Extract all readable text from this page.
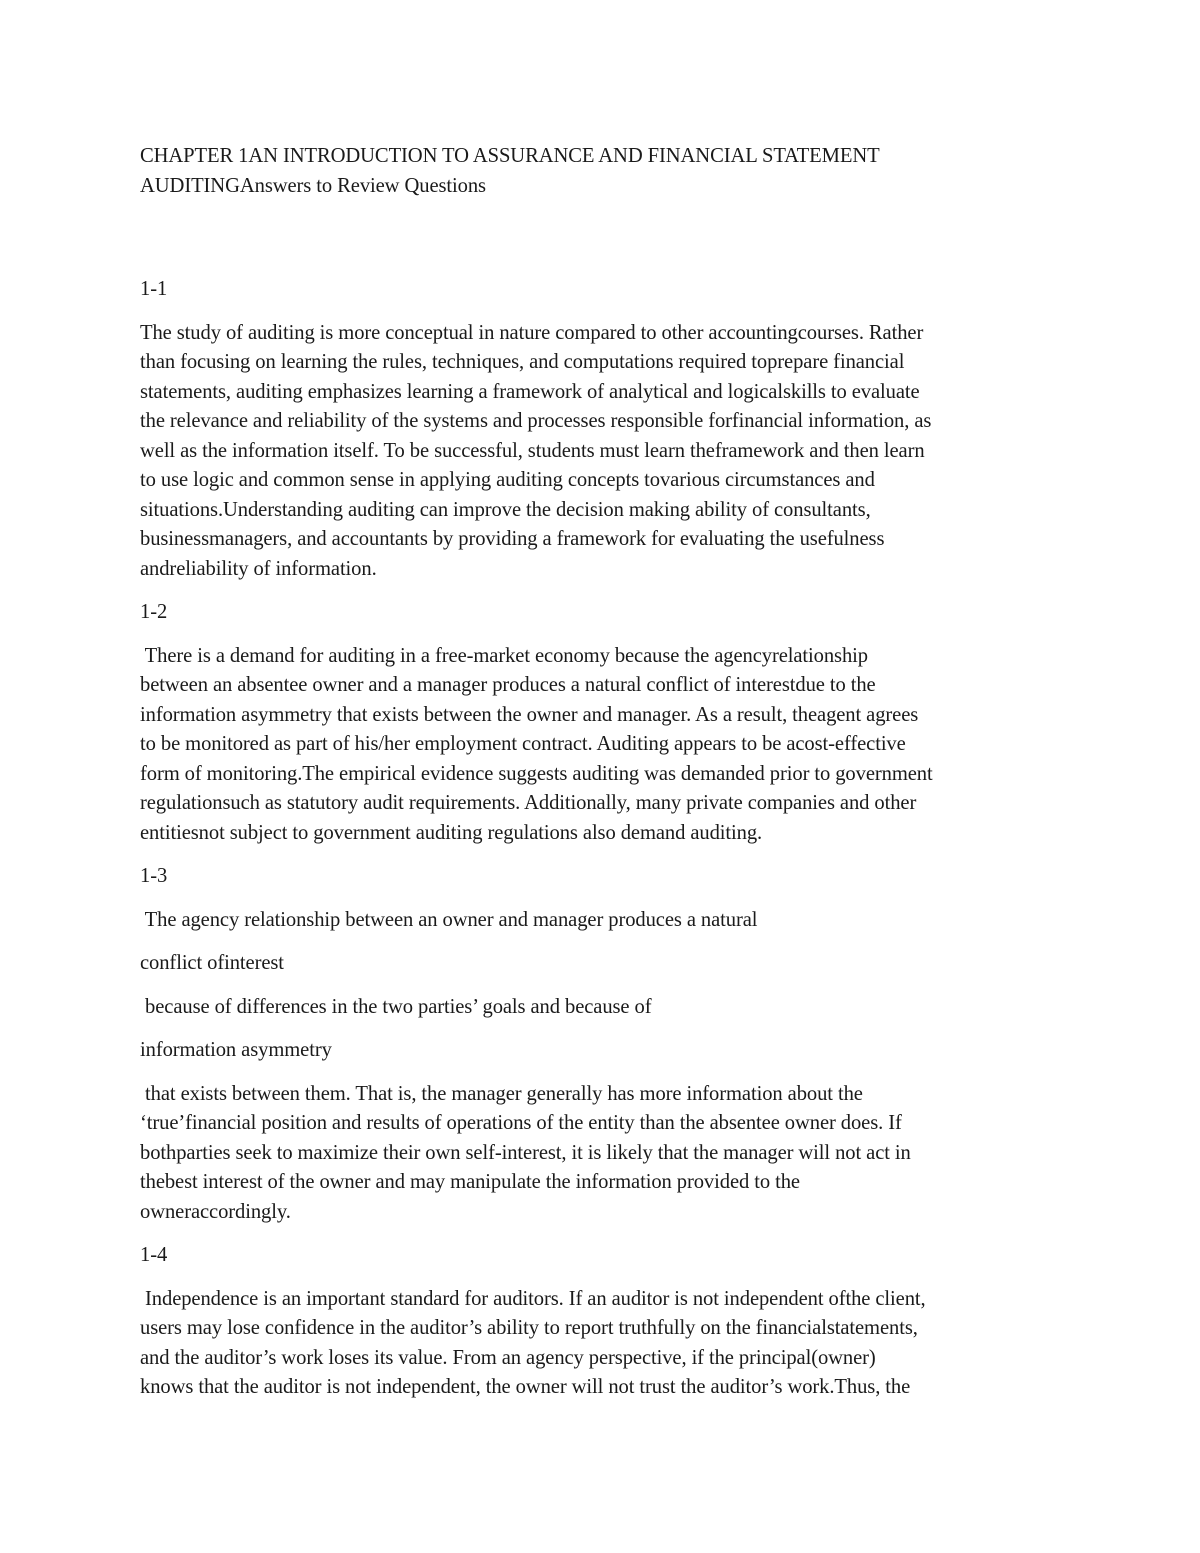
CHAPTER 1AN INTRODUCTION TO ASSURANCE AND FINANCIAL STATEMENT
AUDITINGAnswers to Review Questions
1-1
The study of auditing is more conceptual in nature compared to other accountingcourses. Rather
than focusing on learning the rules, techniques, and computations required toprepare financial
statements, auditing emphasizes learning a framework of analytical and logicalskills to evaluate
the relevance and reliability of the systems and processes responsible forfinancial information, as
well as the information itself. To be successful, students must learn theframework and then learn
to use logic and common sense in applying auditing concepts tovarious circumstances and
situations.Understanding auditing can improve the decision making ability of consultants,
businessmanagers, and accountants by providing a framework for evaluating the usefulness
andreliability of information.
1-2
There is a demand for auditing in a free-market economy because the agencyrelationship
between an absentee owner and a manager produces a natural conflict of interestdue to the
information asymmetry that exists between the owner and manager. As a result, theagent agrees
to be monitored as part of his/her employment contract. Auditing appears to be acost-effective
form of monitoring.The empirical evidence suggests auditing was demanded prior to government
regulationsuch as statutory audit requirements. Additionally, many private companies and other
entitiesnot subject to government auditing regulations also demand auditing.
1-3
The agency relationship between an owner and manager produces a natural
conflict ofinterest
because of differences in the two parties’ goals and because of
information asymmetry
that exists between them. That is, the manager generally has more information about the
‘true’financial position and results of operations of the entity than the absentee owner does. If
bothparties seek to maximize their own self-interest, it is likely that the manager will not act in
thebest interest of the owner and may manipulate the information provided to the
owneraccordingly.
1-4
Independence is an important standard for auditors. If an auditor is not independent ofthe client,
users may lose confidence in the auditor’s ability to report truthfully on the financialstatements,
and the auditor’s work loses its value. From an agency perspective, if the principal(owner)
knows that the auditor is not independent, the owner will not trust the auditor’s work.Thus, the
